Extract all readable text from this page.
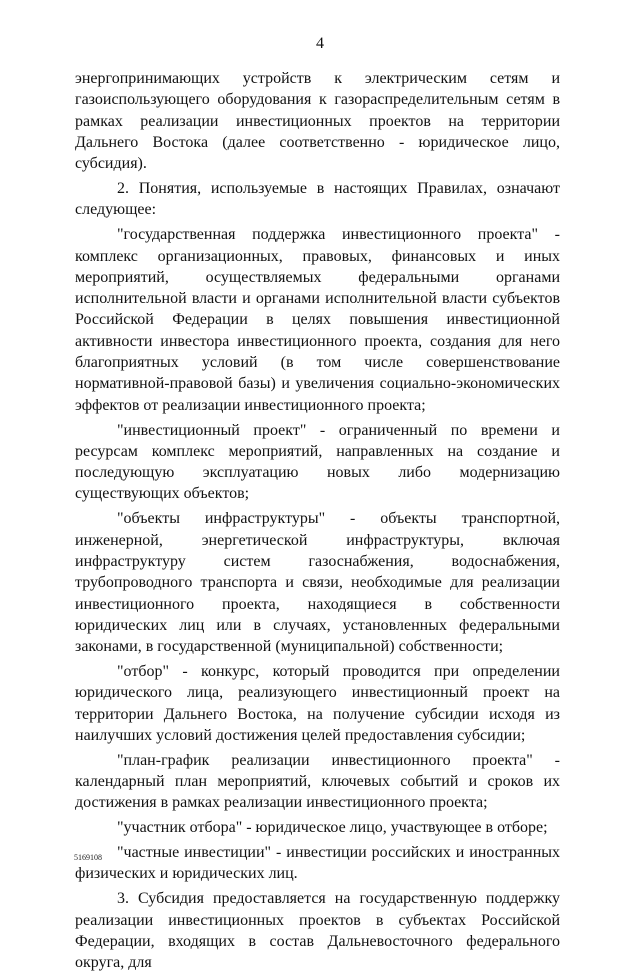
4

энергопринимающих устройств к электрическим сетям и газоиспользующего оборудования к газораспределительным сетям в рамках реализации инвестиционных проектов на территории Дальнего Востока (далее соответственно - юридическое лицо, субсидия).

2. Понятия, используемые в настоящих Правилах, означают следующее:

"государственная поддержка инвестиционного проекта" - комплекс организационных, правовых, финансовых и иных мероприятий, осуществляемых федеральными органами исполнительной власти и органами исполнительной власти субъектов Российской Федерации в целях повышения инвестиционной активности инвестора инвестиционного проекта, создания для него благоприятных условий (в том числе совершенствование нормативной-правовой базы) и увеличения социально-экономических эффектов от реализации инвестиционного проекта;

"инвестиционный проект" - ограниченный по времени и ресурсам комплекс мероприятий, направленных на создание и последующую эксплуатацию новых либо модернизацию существующих объектов;

"объекты инфраструктуры" - объекты транспортной, инженерной, энергетической инфраструктуры, включая инфраструктуру систем газоснабжения, водоснабжения, трубопроводного транспорта и связи, необходимые для реализации инвестиционного проекта, находящиеся в собственности юридических лиц или в случаях, установленных федеральными законами, в государственной (муниципальной) собственности;

"отбор" - конкурс, который проводится при определении юридического лица, реализующего инвестиционный проект на территории Дальнего Востока, на получение субсидии исходя из наилучших условий достижения целей предоставления субсидии;

"план-график реализации инвестиционного проекта" - календарный план мероприятий, ключевых событий и сроков их достижения в рамках реализации инвестиционного проекта;

"участник отбора" - юридическое лицо, участвующее в отборе;

"частные инвестиции" - инвестиции российских и иностранных физических и юридических лиц.

3. Субсидия предоставляется на государственную поддержку реализации инвестиционных проектов в субъектах Российской Федерации, входящих в состав Дальневосточного федерального округа, для

5169108
